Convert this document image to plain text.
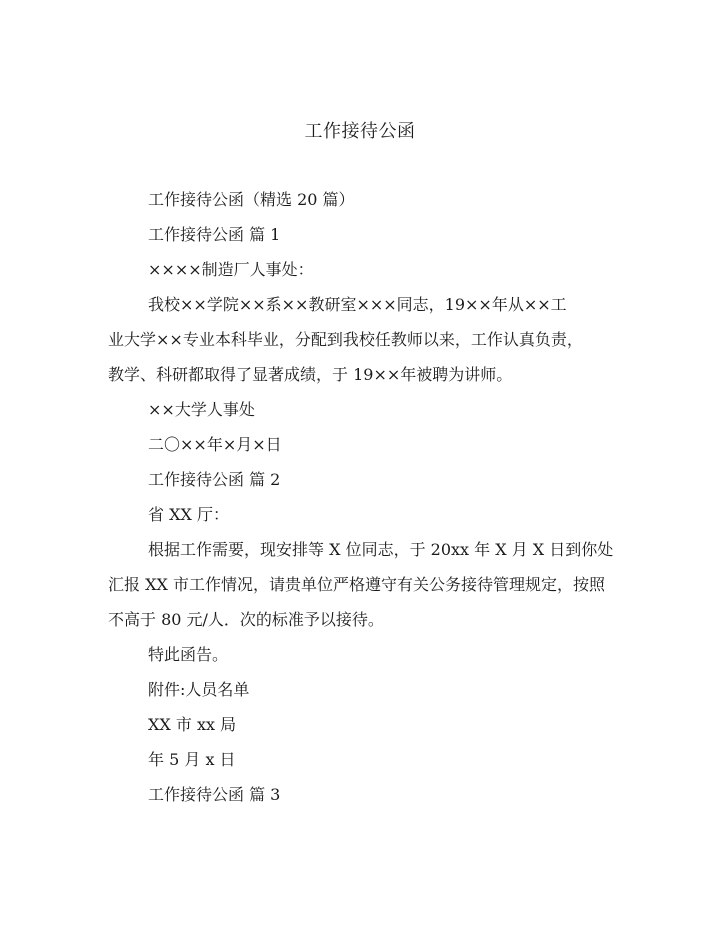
工作接待公函
工作接待公函（精选 20 篇）
工作接待公函 篇 1
××××制造厂人事处：
我校××学院××系××教研室×××同志，19××年从××工
业大学××专业本科毕业，分配到我校任教师以来，工作认真负责，
教学、科研都取得了显著成绩，于 19××年被聘为讲师。
××大学人事处
二〇××年×月×日
工作接待公函 篇 2
省 XX 厅：
根据工作需要，现安排等 X 位同志，于 20xx 年 X 月 X 日到你处
汇报 XX 市工作情况，请贵单位严格遵守有关公务接待管理规定，按照
不高于 80 元/人．次的标准予以接待。
特此函告。
附件:人员名单
XX 市 xx 局
年 5 月 x 日
工作接待公函 篇 3
